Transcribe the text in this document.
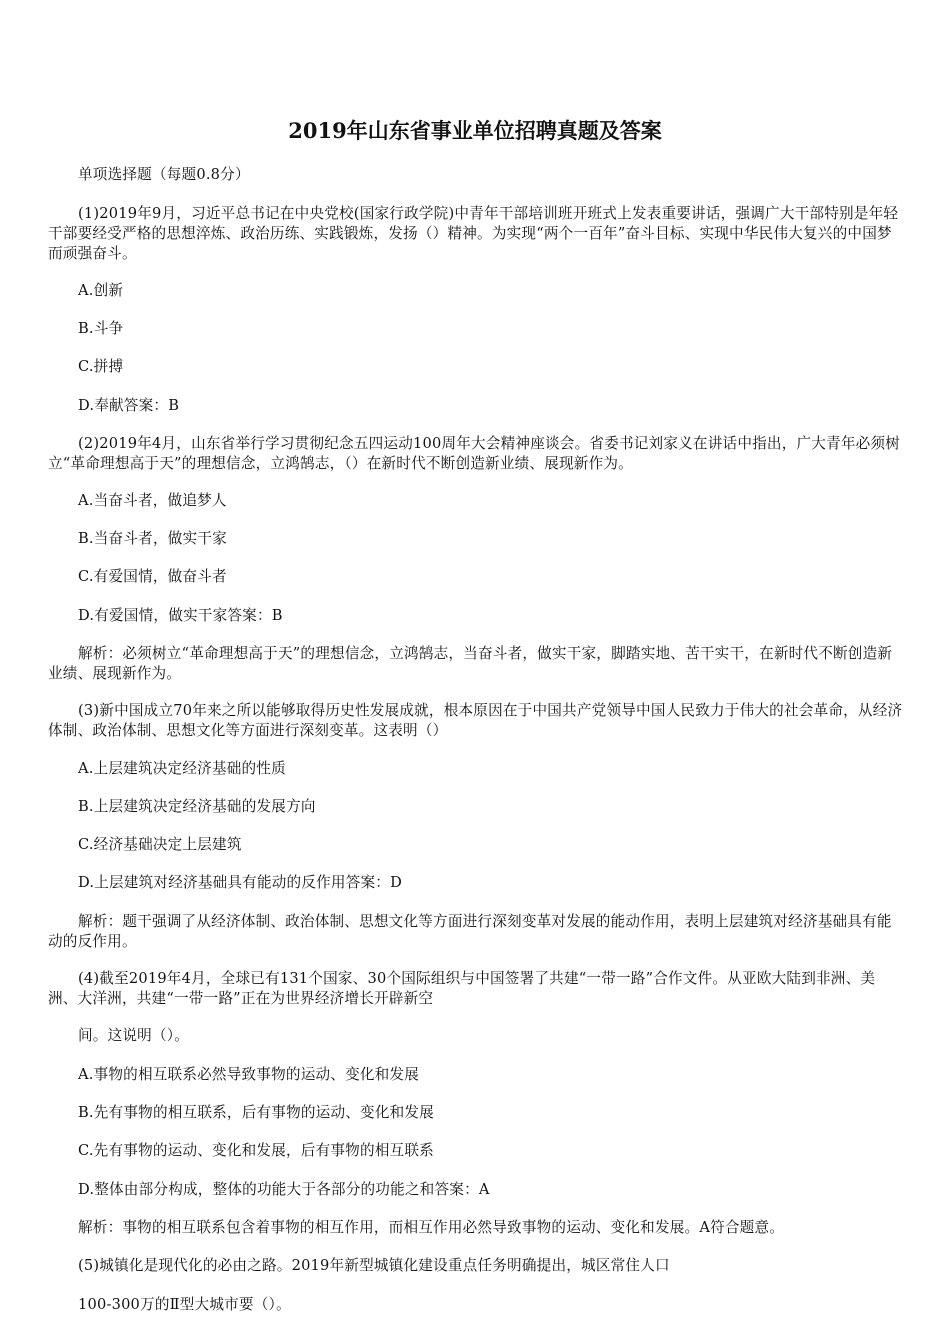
2019年山东省事业单位招聘真题及答案
单项选择题（每题0.8分）
(1)2019年9月，习近平总书记在中央党校(国家行政学院)中青年干部培训班开班式上发表重要讲话，强调广大干部特别是年轻干部要经受严格的思想淬炼、政治历练、实践锻炼，发扬（）精神。为实现“两个一百年”奋斗目标、实现中华民伟大复兴的中国梦而顽强奋斗。
A.创新
B.斗争
C.拼搏
D.奉献答案：B
(2)2019年4月，山东省举行学习贯彻纪念五四运动100周年大会精神座谈会。省委书记刘家义在讲话中指出，广大青年必须树立“革命理想高于天”的理想信念，立鸿鹄志，（）在新时代不断创造新业绩、展现新作为。
A.当奋斗者，做追梦人
B.当奋斗者，做实干家
C.有爱国情，做奋斗者
D.有爱国情，做实干家答案：B
解析：必须树立“革命理想高于天”的理想信念，立鸿鹄志，当奋斗者，做实干家，脚踏实地、苦干实干，在新时代不断创造新业绩、展现新作为。
(3)新中国成立70年来之所以能够取得历史性发展成就，根本原因在于中国共产党领导中国人民致力于伟大的社会革命，从经济体制、政治体制、思想文化等方面进行深刻变革。这表明（）
A.上层建筑决定经济基础的性质
B.上层建筑决定经济基础的发展方向
C.经济基础决定上层建筑
D.上层建筑对经济基础具有能动的反作用答案：D
解析：题干强调了从经济体制、政治体制、思想文化等方面进行深刻变革对发展的能动作用，表明上层建筑对经济基础具有能动的反作用。
(4)截至2019年4月，全球已有131个国家、30个国际组织与中国签署了共建“一带一路”合作文件。从亚欧大陆到非洲、美洲、大洋洲，共建“一带一路”正在为世界经济增长开辟新空
间。这说明（）。
A.事物的相互联系必然导致事物的运动、变化和发展
B.先有事物的相互联系，后有事物的运动、变化和发展
C.先有事物的运动、变化和发展，后有事物的相互联系
D.整体由部分构成，整体的功能大于各部分的功能之和答案：A
解析：事物的相互联系包含着事物的相互作用，而相互作用必然导致事物的运动、变化和发展。A符合题意。
(5)城镇化是现代化的必由之路。2019年新型城镇化建设重点任务明确提出，城区常住人口
100-300万的Ⅱ型大城市要（）。
